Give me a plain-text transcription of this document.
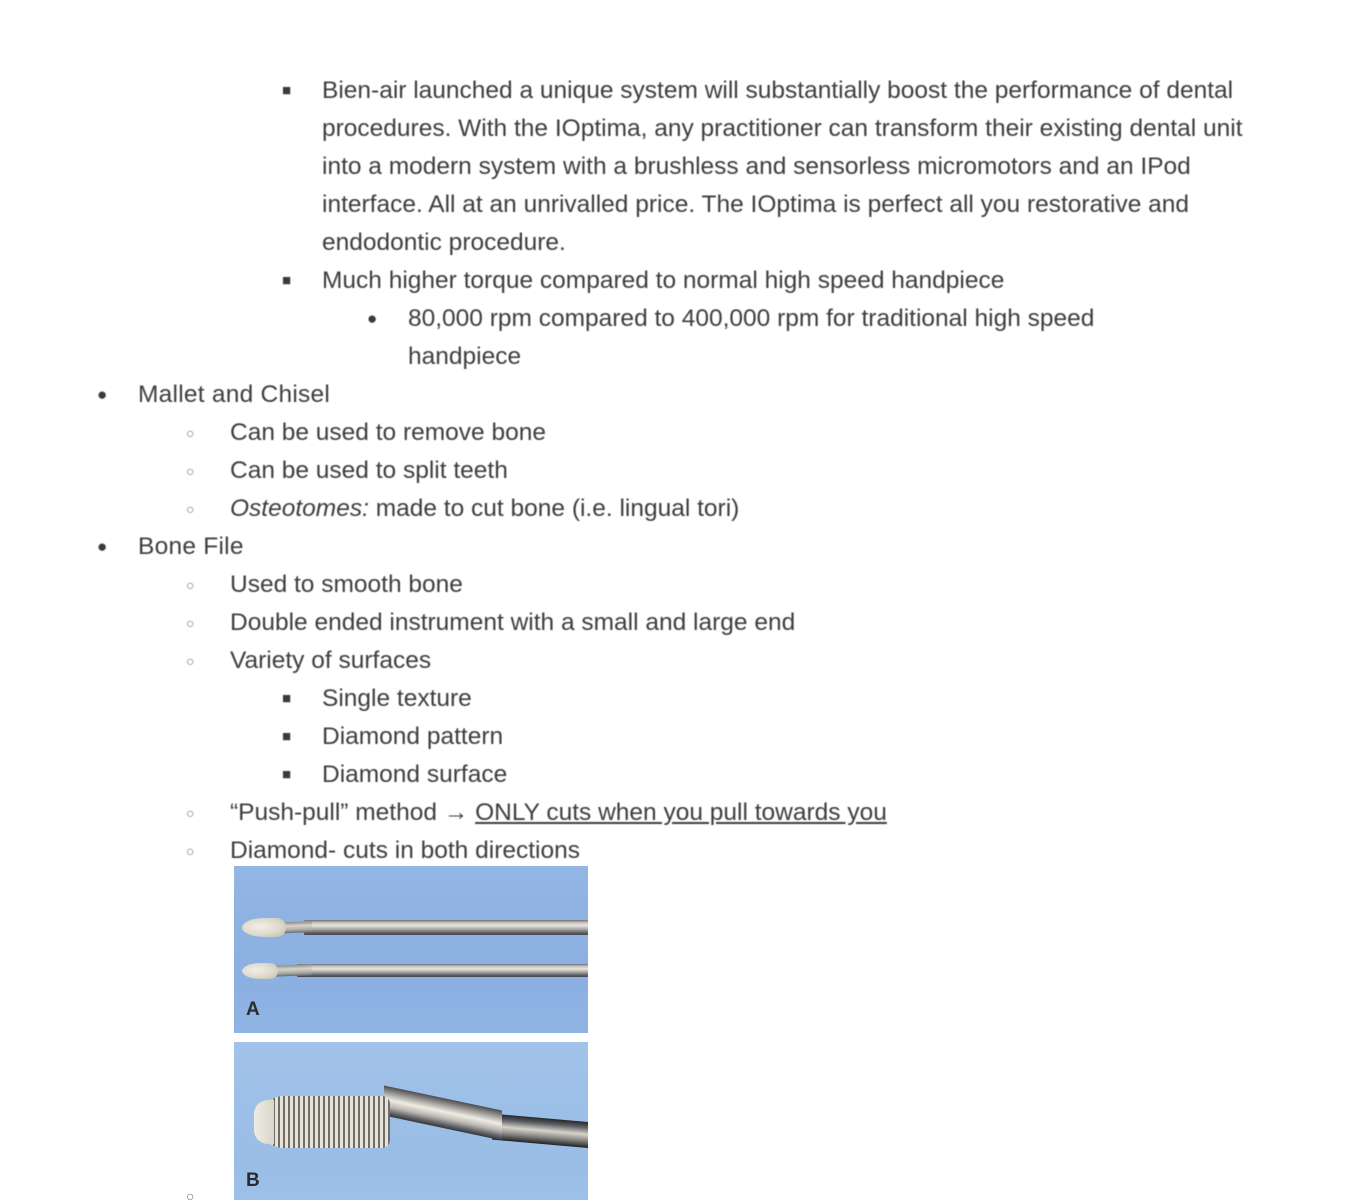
■ Bien-air launched a unique system will substantially boost the performance of dental procedures. With the IOptima, any practitioner can transform their existing dental unit into a modern system with a brushless and sensorless micromotors and an IPod interface. All at an unrivalled price. The IOptima is perfect all you restorative and endodontic procedure.
■ Much higher torque compared to normal high speed handpiece
● 80,000 rpm compared to 400,000 rpm for traditional high speed handpiece
● Mallet and Chisel
○ Can be used to remove bone
○ Can be used to split teeth
○ Osteotomes: made to cut bone (i.e. lingual tori)
● Bone File
○ Used to smooth bone
○ Double ended instrument with a small and large end
○ Variety of surfaces
■ Single texture
■ Diamond pattern
■ Diamond surface
○ “Push-pull” method → ONLY cuts when you pull towards you
○ Diamond- cuts in both directions
A
B
○
